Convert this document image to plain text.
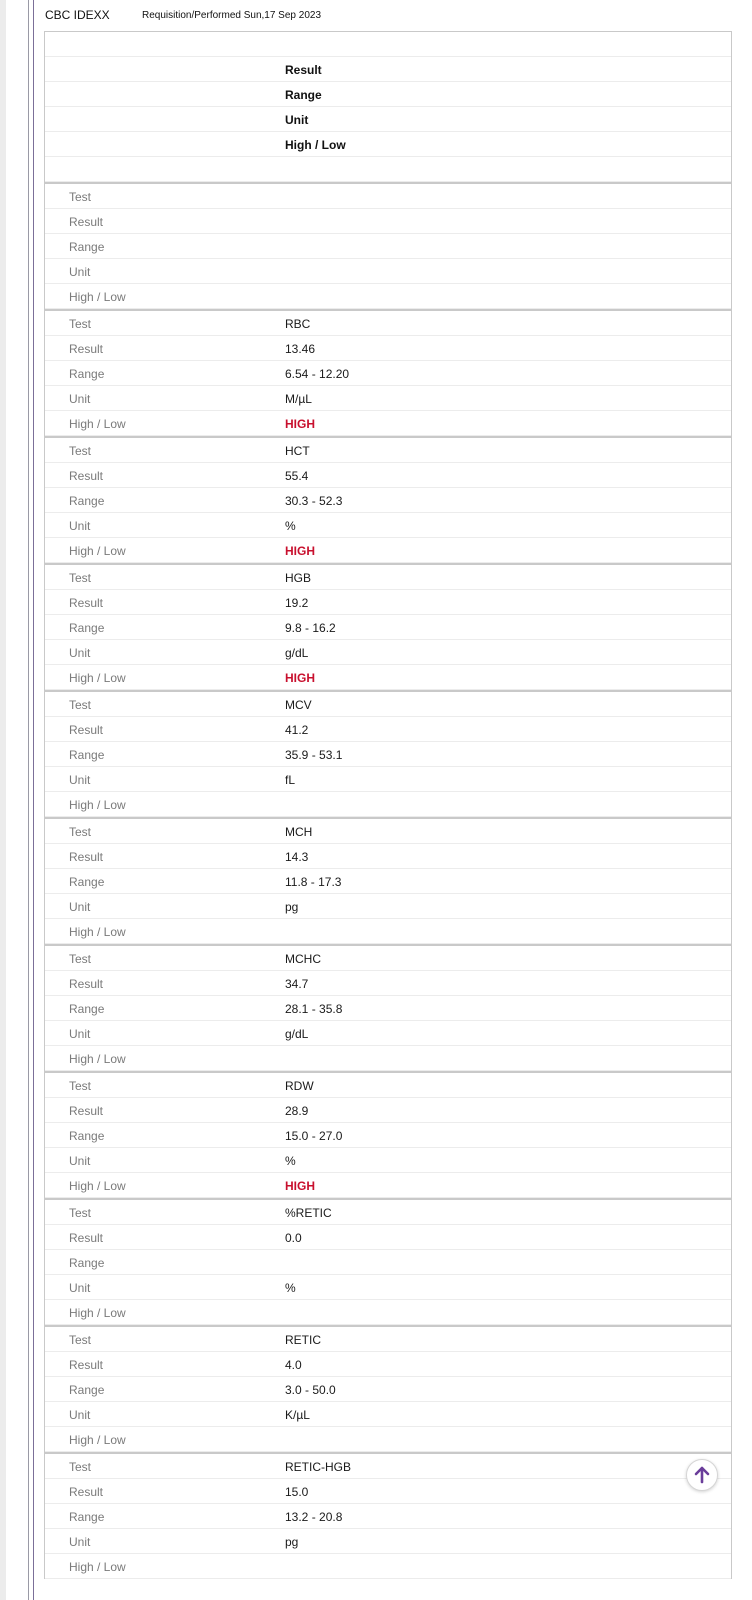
CBC IDEXX	Requisition/Performed Sun,17 Sep 2023
Result
Range
Unit
High / Low
Test
Result
Range
Unit
High / Low
Test	RBC
Result	13.46
Range	6.54 - 12.20
Unit	M/µL
High / Low	HIGH
Test	HCT
Result	55.4
Range	30.3 - 52.3
Unit	%
High / Low	HIGH
Test	HGB
Result	19.2
Range	9.8 - 16.2
Unit	g/dL
High / Low	HIGH
Test	MCV
Result	41.2
Range	35.9 - 53.1
Unit	fL
High / Low
Test	MCH
Result	14.3
Range	11.8 - 17.3
Unit	pg
High / Low
Test	MCHC
Result	34.7
Range	28.1 - 35.8
Unit	g/dL
High / Low
Test	RDW
Result	28.9
Range	15.0 - 27.0
Unit	%
High / Low	HIGH
Test	%RETIC
Result	0.0
Range
Unit	%
High / Low
Test	RETIC
Result	4.0
Range	3.0 - 50.0
Unit	K/µL
High / Low
Test	RETIC-HGB
Result	15.0
Range	13.2 - 20.8
Unit	pg
High / Low
